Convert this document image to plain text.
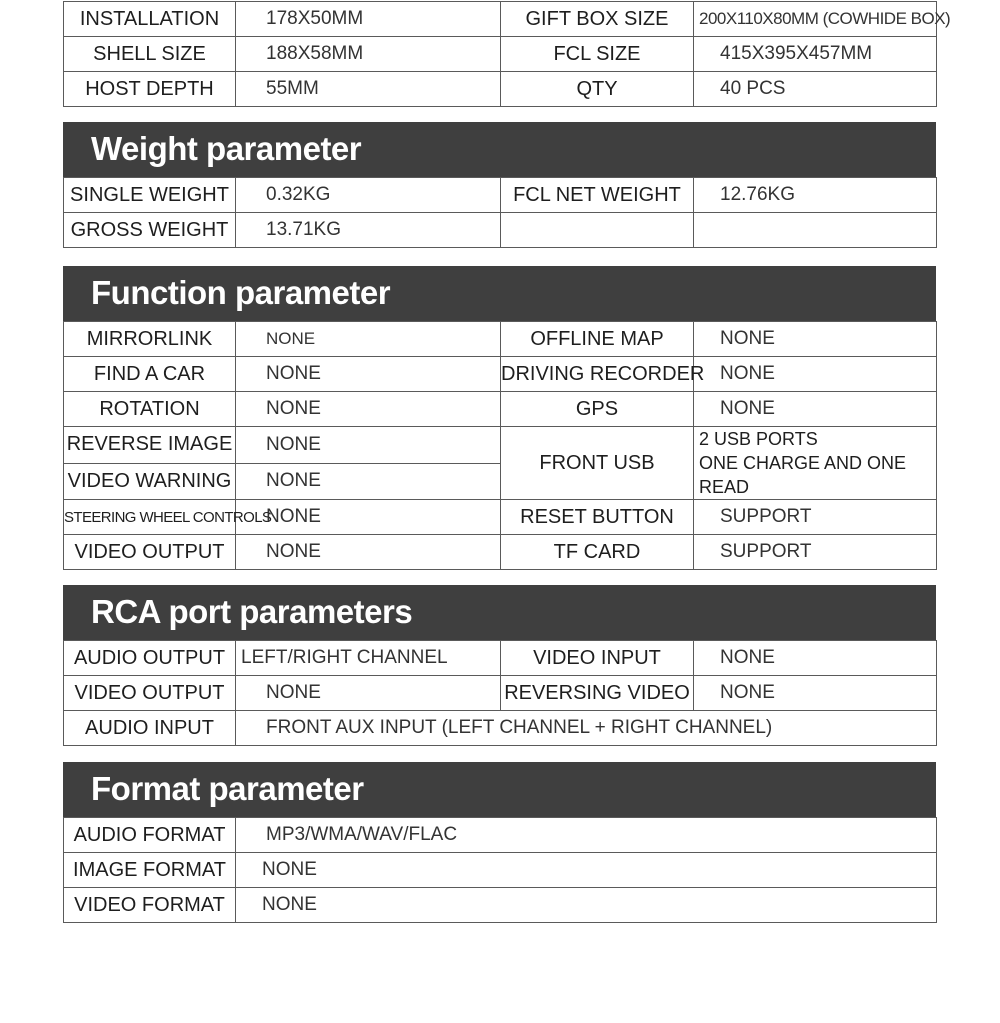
INSTALLATION	178X50MM	GIFT BOX SIZE	200X110X80MM (COWHIDE BOX)
SHELL SIZE	188X58MM	FCL SIZE	415X395X457MM
HOST DEPTH	55MM	QTY	40 PCS
Weight parameter
SINGLE WEIGHT	0.32KG	FCL NET WEIGHT	12.76KG
GROSS WEIGHT	13.71KG		
Function parameter
MIRRORLINK	NONE	OFFLINE MAP	NONE
FIND A CAR	NONE	DRIVING RECORDER	NONE
ROTATION	NONE	GPS	NONE
REVERSE IMAGE	NONE	FRONT USB	2 USB PORTS
ONE CHARGE AND ONE READ

VIDEO WARNING	NONE		
STEERING WHEEL CONTROLS	NONE	RESET BUTTON	SUPPORT
VIDEO OUTPUT	NONE	TF CARD	SUPPORT
RCA port parameters
AUDIO OUTPUT	LEFT/RIGHT CHANNEL	VIDEO INPUT	NONE
VIDEO OUTPUT	NONE	REVERSING VIDEO	NONE
AUDIO INPUT	FRONT AUX INPUT (LEFT CHANNEL + RIGHT CHANNEL)		
Format parameter
AUDIO FORMAT	MP3/WMA/WAV/FLAC
IMAGE FORMAT	NONE
VIDEO FORMAT	NONE
